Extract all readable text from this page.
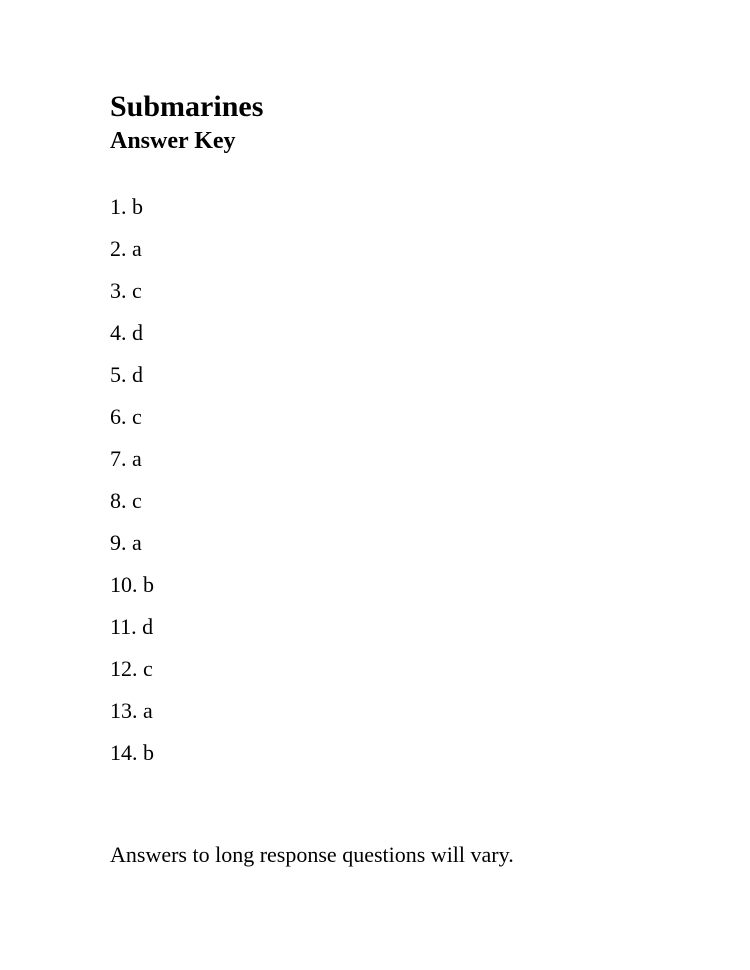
Submarines
Answer Key
1. b
2. a
3. c
4. d
5. d
6. c
7. a
8. c
9. a
10. b
11. d
12. c
13. a
14. b

Answers to long response questions will vary.
